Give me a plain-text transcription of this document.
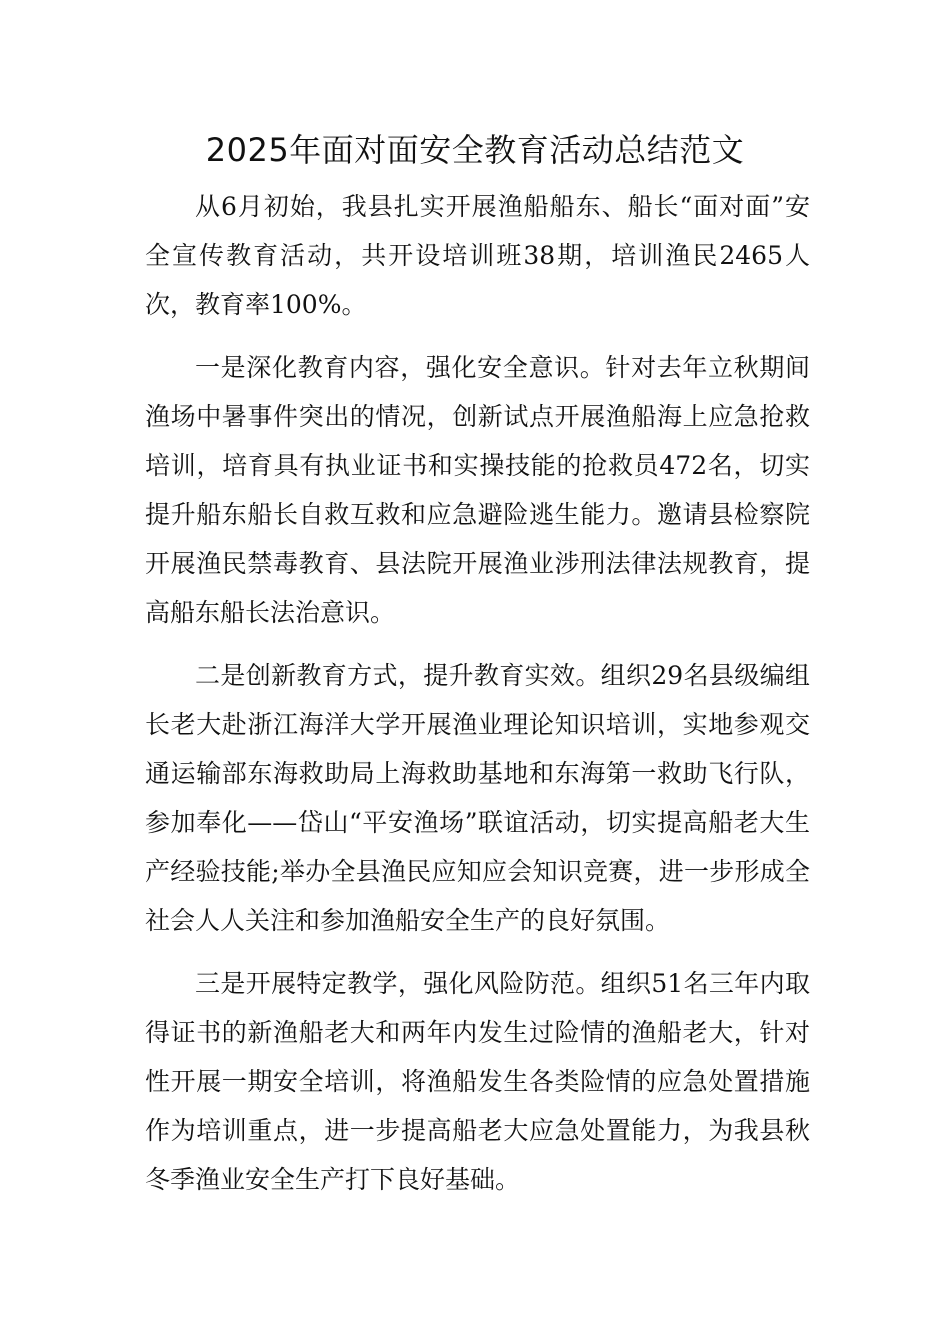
2025年面对面安全教育活动总结范文

从6月初始，我县扎实开展渔船船东、船长“面对面”安全宣传教育活动，共开设培训班38期，培训渔民2465人次，教育率100%。

一是深化教育内容，强化安全意识。针对去年立秋期间渔场中暑事件突出的情况，创新试点开展渔船海上应急抢救培训，培育具有执业证书和实操技能的抢救员472名，切实提升船东船长自救互救和应急避险逃生能力。邀请县检察院开展渔民禁毒教育、县法院开展渔业涉刑法律法规教育，提高船东船长法治意识。

二是创新教育方式，提升教育实效。组织29名县级编组长老大赴浙江海洋大学开展渔业理论知识培训，实地参观交通运输部东海救助局上海救助基地和东海第一救助飞行队，参加奉化——岱山“平安渔场”联谊活动，切实提高船老大生产经验技能;举办全县渔民应知应会知识竞赛，进一步形成全社会人人关注和参加渔船安全生产的良好氛围。

三是开展特定教学，强化风险防范。组织51名三年内取得证书的新渔船老大和两年内发生过险情的渔船老大，针对性开展一期安全培训，将渔船发生各类险情的应急处置措施作为培训重点，进一步提高船老大应急处置能力，为我县秋冬季渔业安全生产打下良好基础。
